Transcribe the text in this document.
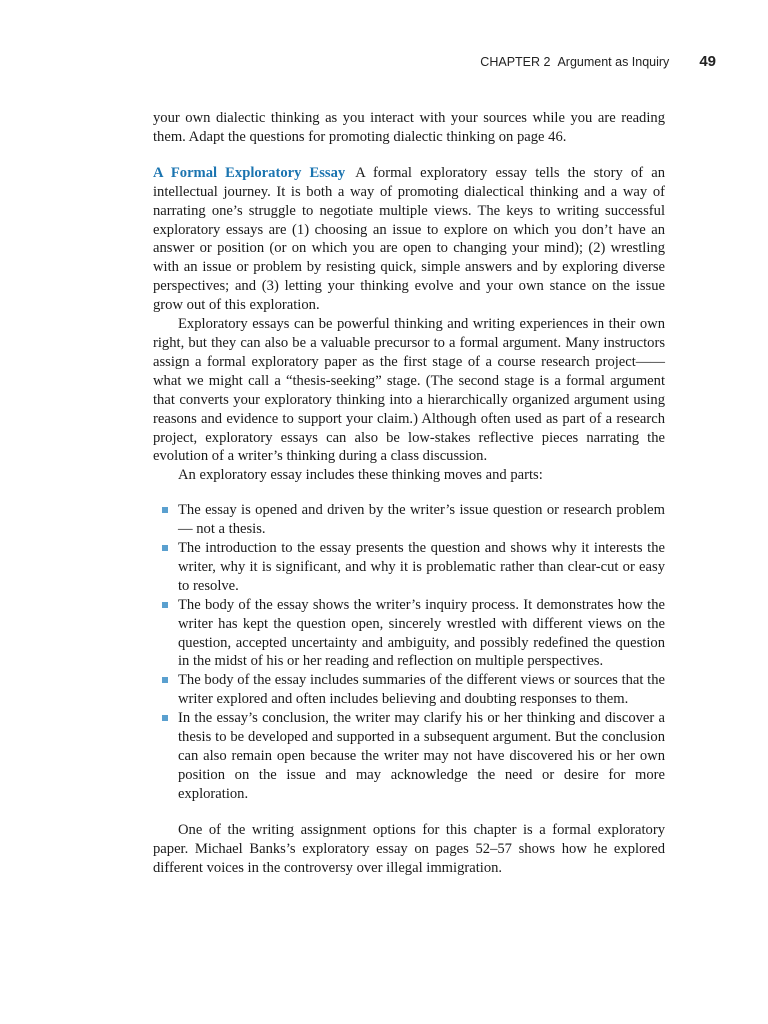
CHAPTER 2 Argument as Inquiry 49

your own dialectic thinking as you interact with your sources while you are reading them. Adapt the questions for promoting dialectic thinking on page 46.

A Formal Exploratory Essay A formal exploratory essay tells the story of an intellectual journey. It is both a way of promoting dialectical thinking and a way of narrating one’s struggle to negotiate multiple views. The keys to writing successful exploratory essays are (1) choosing an issue to explore on which you don’t have an answer or position (or on which you are open to changing your mind); (2) wrestling with an issue or problem by resisting quick, simple answers and by exploring diverse perspectives; and (3) letting your thinking evolve and your own stance on the issue grow out of this exploration.

Exploratory essays can be powerful thinking and writing experiences in their own right, but they can also be a valuable precursor to a formal argument. Many instructors assign a formal exploratory paper as the first stage of a course research project——what we might call a “thesis-seeking” stage. (The second stage is a formal argument that converts your exploratory thinking into a hierarchically organized argument using reasons and evidence to support your claim.) Although often used as part of a research project, exploratory essays can also be low-stakes reflective pieces narrating the evolution of a writer’s thinking during a class discussion.

An exploratory essay includes these thinking moves and parts:

The essay is opened and driven by the writer’s issue question or research problem— not a thesis.
The introduction to the essay presents the question and shows why it interests the writer, why it is significant, and why it is problematic rather than clear-cut or easy to resolve.
The body of the essay shows the writer’s inquiry process. It demonstrates how the writer has kept the question open, sincerely wrestled with different views on the question, accepted uncertainty and ambiguity, and possibly redefined the question in the midst of his or her reading and reflection on multiple perspectives.
The body of the essay includes summaries of the different views or sources that the writer explored and often includes believing and doubting responses to them.
In the essay’s conclusion, the writer may clarify his or her thinking and discover a thesis to be developed and supported in a subsequent argument. But the conclusion can also remain open because the writer may not have discovered his or her own position on the issue and may acknowledge the need or desire for more exploration.

One of the writing assignment options for this chapter is a formal exploratory paper. Michael Banks’s exploratory essay on pages 52–57 shows how he explored different voices in the controversy over illegal immigration.
